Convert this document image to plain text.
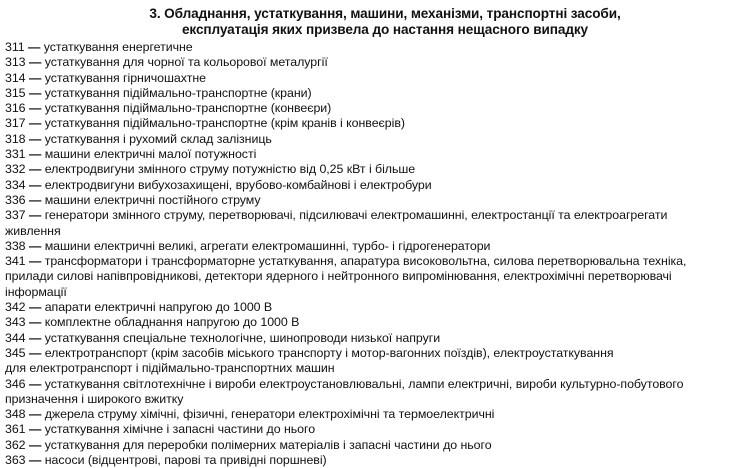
3. Обладнання, устаткування, машини, механізми, транспортні засоби,
експлуатація яких призвела до настання нещасного випадку
311 — устаткування енергетичне
313 — устаткування для чорної та кольорової металургії
314 — устаткування гірничошахтне
315 — устаткування підіймально-транспортне (крани)
316 — устаткування підіймально-транспортне (конвеєри)
317 — устаткування підіймально-транспортне (крім кранів і конвеєрів)
318 — устаткування і рухомий склад залізниць
331 — машини електричні малої потужності
332 — електродвигуни змінного струму потужністю від 0,25 кВт і більше
334 — електродвигуни вибухозахищені, врубово-комбайнові і електробури
336 — машини електричні постійного струму
337 — генератори змінного струму, перетворювачі, підсилювачі електромашинні, електростанції та електроагрегати
живлення
338 — машини електричні великі, агрегати електромашинні, турбо- і гідрогенератори
341 — трансформатори і трансформаторне устаткування, апаратура високовольтна, силова перетворювальна техніка,
прилади силові напівпровідникові, детектори ядерного і нейтронного випромінювання, електрохімічні перетворювачі
інформації
342 — апарати електричні напругою до 1000 В
343 — комплектне обладнання напругою до 1000 В
344 — устаткування спеціальне технологічне, шинопроводи низької напруги
345 — електротранспорт (крім засобів міського транспорту і мотор-вагонних поїздів), електроустаткування
для електротранспорт і підіймально-транспортних машин
346 — устаткування світлотехнічне і вироби електроустановлювальні, лампи електричні, вироби культурно-побутового
призначення і широкого вжитку
348 — джерела струму хімічні, фізичні, генератори електрохімічні та термоелектричні
361 — устаткування хімічне і запасні частини до нього
362 — устаткування для переробки полімерних матеріалів і запасні частини до нього
363 — насоси (відцентрові, парові та привідні поршневі)
